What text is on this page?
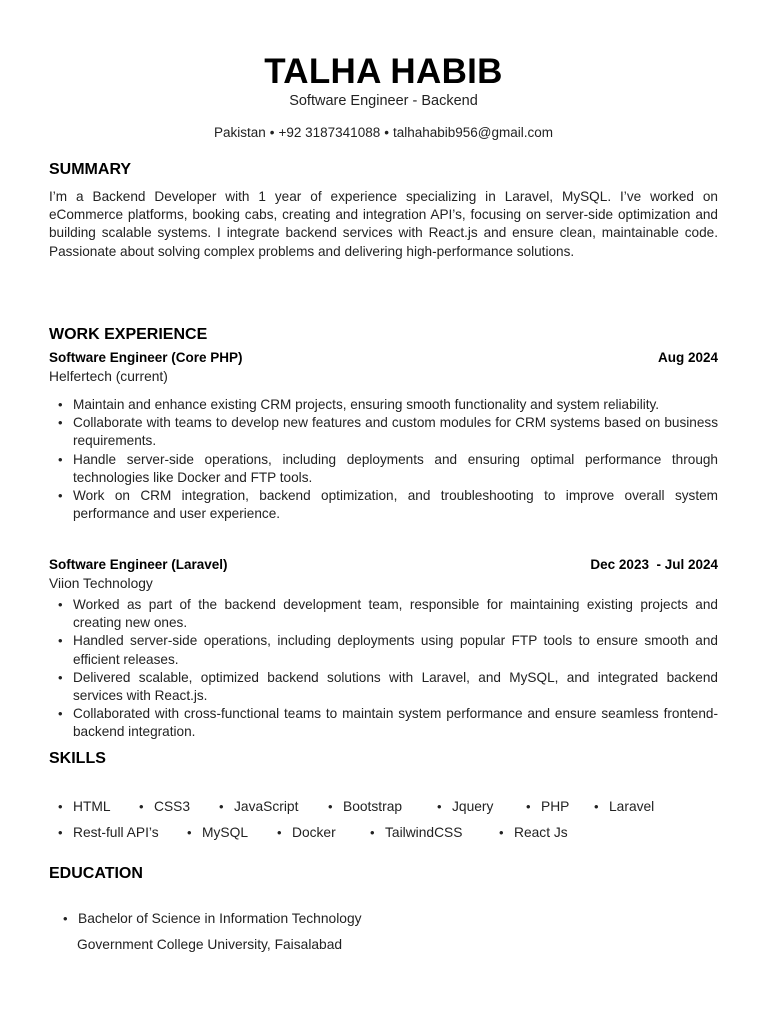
TALHA HABIB
Software Engineer - Backend
Pakistan • +92 3187341088 • talhahabib956@gmail.com
SUMMARY
I’m a Backend Developer with 1 year of experience specializing in Laravel, MySQL. I’ve worked on eCommerce platforms, booking cabs, creating and integration API’s, focusing on server-side optimization and building scalable systems. I integrate backend services with React.js and ensure clean, maintainable code. Passionate about solving complex problems and delivering high-performance solutions.
WORK EXPERIENCE
Software Engineer (Core PHP)	Aug 2024
Helfertech (current)
• Maintain and enhance existing CRM projects, ensuring smooth functionality and system reliability.
• Collaborate with teams to develop new features and custom modules for CRM systems based on business requirements.
• Handle server-side operations, including deployments and ensuring optimal performance through technologies like Docker and FTP tools.
• Work on CRM integration, backend optimization, and troubleshooting to improve overall system performance and user experience.
Software Engineer (Laravel)	Dec 2023  - Jul 2024
Viion Technology
• Worked as part of the backend development team, responsible for maintaining existing projects and creating new ones.
• Handled server-side operations, including deployments using popular FTP tools to ensure smooth and efficient releases.
• Delivered scalable, optimized backend solutions with Laravel, and MySQL, and integrated backend services with React.js.
• Collaborated with cross-functional teams to maintain system performance and ensure seamless frontend-backend integration.
SKILLS
• HTML	• CSS3	• JavaScript	• Bootstrap	• Jquery	• PHP	• Laravel
• Rest-full API’s	• MySQL	• Docker	• TailwindCSS	• React Js
EDUCATION
• Bachelor of Science in Information Technology
Government College University, Faisalabad
